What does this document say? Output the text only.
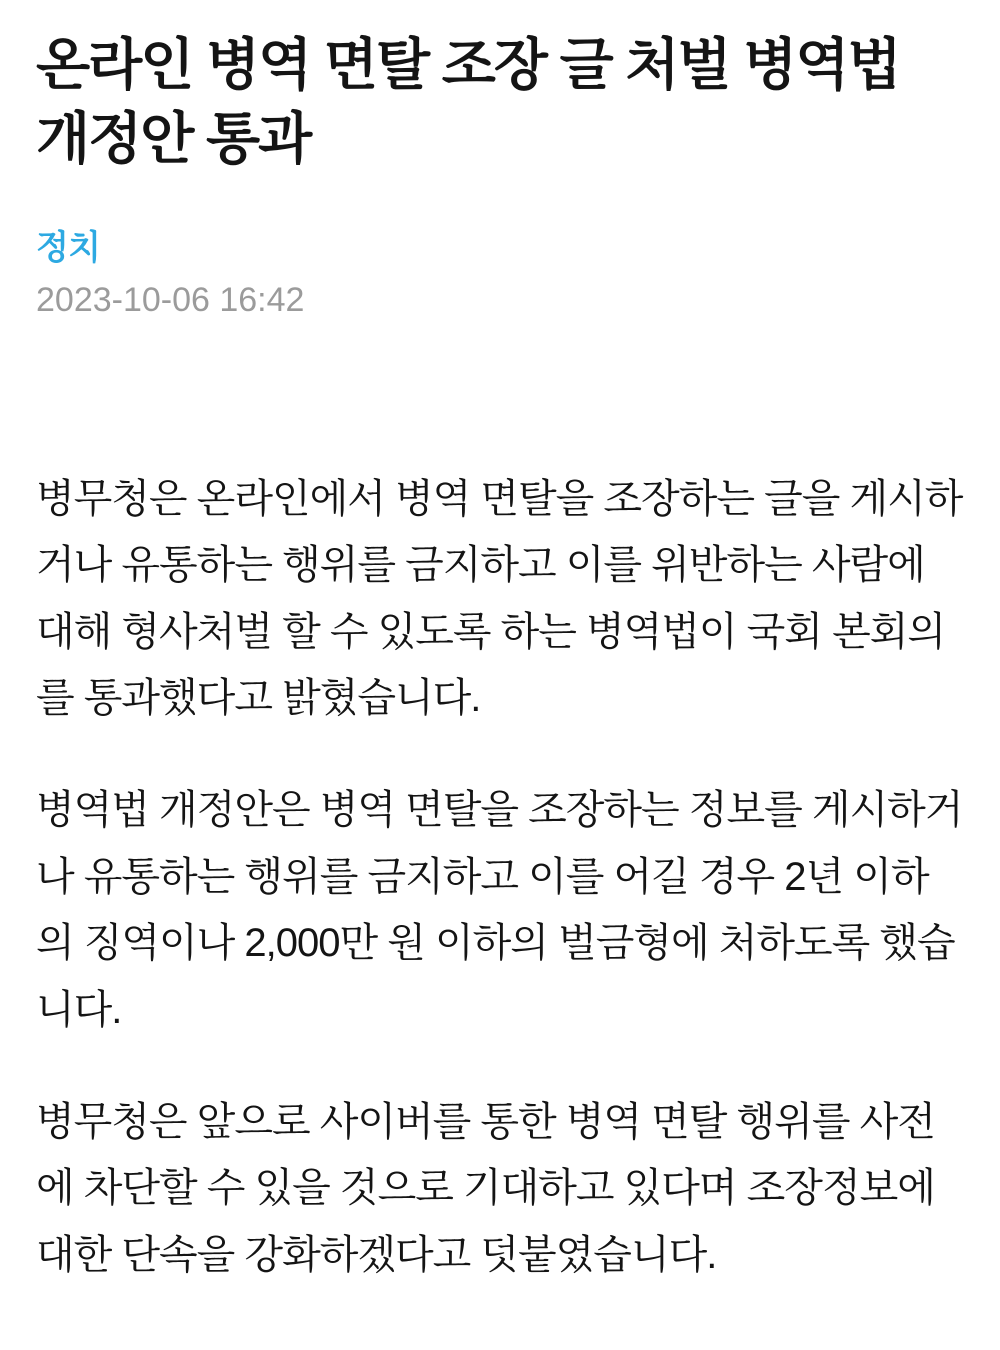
온라인 병역 면탈 조장 글 처벌 병역법 개정안 통과
정치
2023-10-06 16:42

병무청은 온라인에서 병역 면탈을 조장하는 글을 게시하거나 유통하는 행위를 금지하고 이를 위반하는 사람에 대해 형사처벌 할 수 있도록 하는 병역법이 국회 본회의를 통과했다고 밝혔습니다.

병역법 개정안은 병역 면탈을 조장하는 정보를 게시하거나 유통하는 행위를 금지하고 이를 어길 경우 2년 이하의 징역이나 2,000만 원 이하의 벌금형에 처하도록 했습니다.

병무청은 앞으로 사이버를 통한 병역 면탈 행위를 사전에 차단할 수 있을 것으로 기대하고 있다며 조장정보에 대한 단속을 강화하겠다고 덧붙였습니다.
